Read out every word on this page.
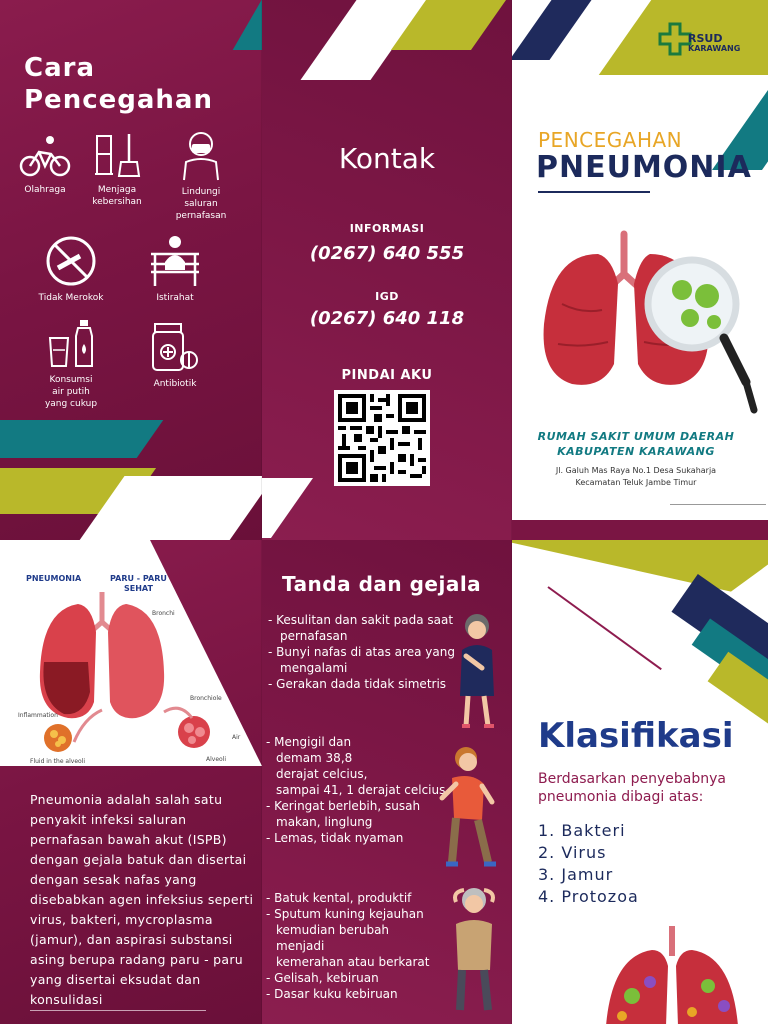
Cara
Pencegahan
Olahraga	Menjaga kebersihan
Lindungi saluran pernafasan
Tidak Merokok	Istirahat
Konsumsi air putih yang cukup
Antibiotik
Kontak
INFORMASI
(0267) 640 555
IGD
(0267) 640 118
PINDAI AKU
RSUD
KARAWANG
PENCEGAHAN
PNEUMONIA
RUMAH SAKIT UMUM DAERAH
KABUPATEN KARAWANG
Jl. Galuh Mas Raya No.1 Desa Sukaharja
Kecamatan Teluk Jambe Timur
PNEUMONIA	PARU - PARU
SEHAT
Bronchi
Bronchiole
Inflammation
Air
Fluid in the alveoli	Alveoli
Pneumonia adalah salah satu penyakit infeksi saluran pernafasan bawah akut (ISPB) dengan gejala batuk dan disertai dengan sesak nafas yang disebabkan agen infeksius seperti virus, bakteri, mycroplasma (jamur), dan aspirasi substansi asing berupa radang paru - paru yang disertai eksudat dan konsulidasi
Tanda dan gejala
- Kesulitan dan sakit pada saat
pernafasan
- Bunyi nafas di atas area yang
mengalami
- Gerakan dada tidak simetris
- Mengigil dan
demam 38,8
derajat celcius,
sampai 41, 1 derajat celcius
- Keringat berlebih, susah
makan, linglung
- Lemas, tidak nyaman
- Batuk kental, produktif
- Sputum kuning kejauhan
kemudian berubah
menjadi
kemerahan atau berkarat
- Gelisah, kebiruan
- Dasar kuku kebiruan
Klasifikasi
Berdasarkan penyebabnya
pneumonia dibagi atas:
1. Bakteri
2. Virus
3. Jamur
4. Protozoa
